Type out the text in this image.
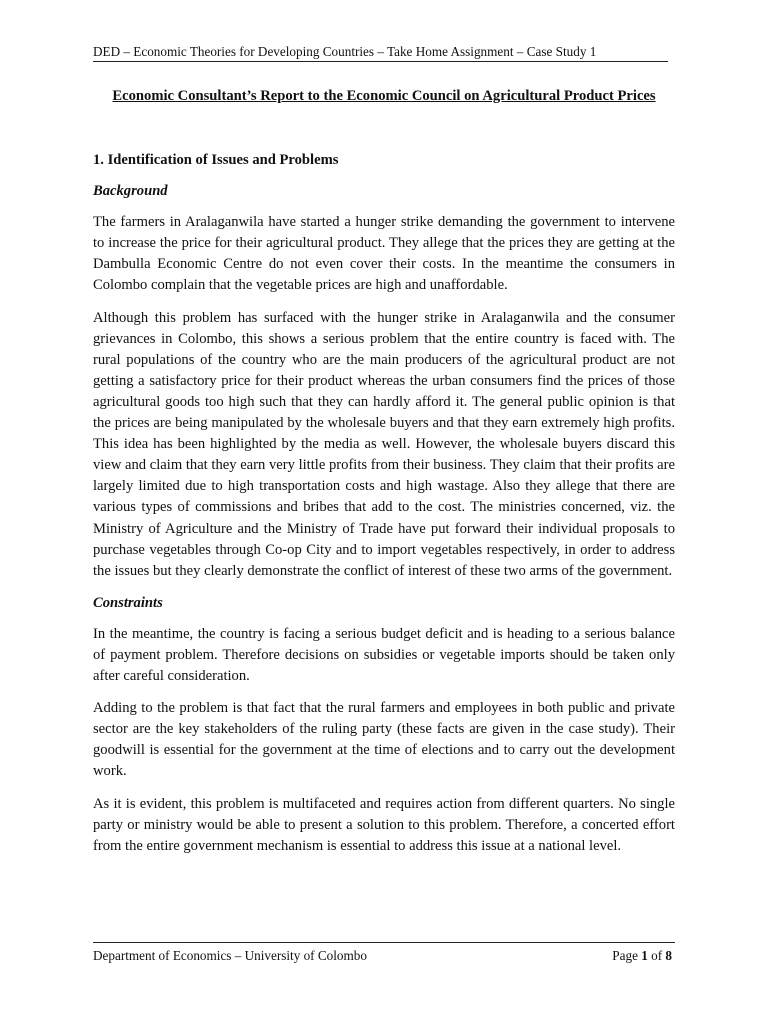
DED – Economic Theories for Developing Countries – Take Home Assignment – Case Study 1
Economic Consultant’s Report to the Economic Council on Agricultural Product Prices
1. Identification of Issues and Problems
Background

The farmers in Aralaganwila have started a hunger strike demanding the government to intervene to increase the price for their agricultural product. They allege that the prices they are getting at the Dambulla Economic Centre do not even cover their costs. In the meantime the consumers in Colombo complain that the vegetable prices are high and unaffordable.

Although this problem has surfaced with the hunger strike in Aralaganwila and the consumer grievances in Colombo, this shows a serious problem that the entire country is faced with. The rural populations of the country who are the main producers of the agricultural product are not getting a satisfactory price for their product whereas the urban consumers find the prices of those agricultural goods too high such that they can hardly afford it. The general public opinion is that the prices are being manipulated by the wholesale buyers and that they earn extremely high profits. This idea has been highlighted by the media as well. However, the wholesale buyers discard this view and claim that they earn very little profits from their business. They claim that their profits are largely limited due to high transportation costs and high wastage. Also they allege that there are various types of commissions and bribes that add to the cost. The ministries concerned, viz. the Ministry of Agriculture and the Ministry of Trade have put forward their individual proposals to purchase vegetables through Co-op City and to import vegetables respectively, in order to address the issues but they clearly demonstrate the conflict of interest of these two arms of the government.

Constraints

In the meantime, the country is facing a serious budget deficit and is heading to a serious balance of payment problem. Therefore decisions on subsidies or vegetable imports should be taken only after careful consideration.

Adding to the problem is that fact that the rural farmers and employees in both public and private sector are the key stakeholders of the ruling party (these facts are given in the case study). Their goodwill is essential for the government at the time of elections and to carry out the development work.

As it is evident, this problem is multifaceted and requires action from different quarters. No single party or ministry would be able to present a solution to this problem. Therefore, a concerted effort from the entire government mechanism is essential to address this issue at a national level.

Department of Economics – University of Colombo	Page 1 of 8
